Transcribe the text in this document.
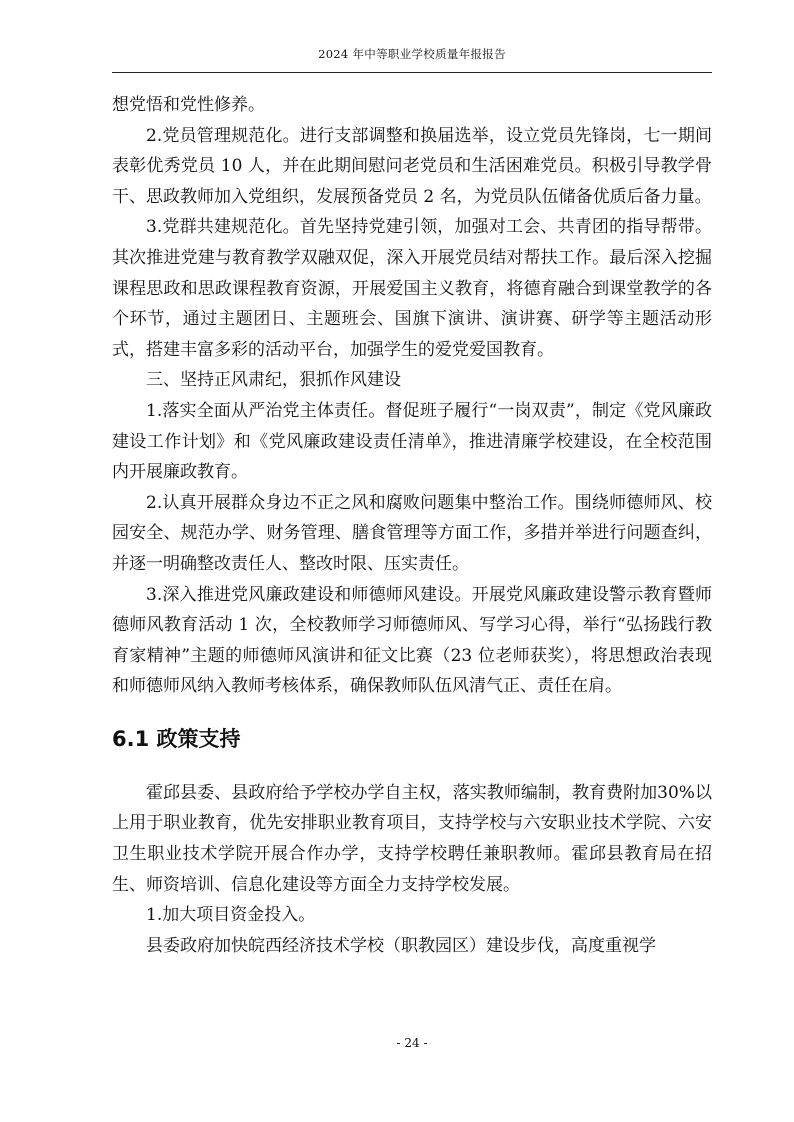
2024 年中等职业学校质量年报报告

想党悟和党性修养。

2.党员管理规范化。进行支部调整和换届选举，设立党员先锋岗，七一期间表彰优秀党员 10 人，并在此期间慰问老党员和生活困难党员。积极引导教学骨干、思政教师加入党组织，发展预备党员 2 名，为党员队伍储备优质后备力量。

3.党群共建规范化。首先坚持党建引领，加强对工会、共青团的指导帮带。其次推进党建与教育教学双融双促，深入开展党员结对帮扶工作。最后深入挖掘课程思政和思政课程教育资源，开展爱国主义教育，将德育融合到课堂教学的各个环节，通过主题团日、主题班会、国旗下演讲、演讲赛、研学等主题活动形式，搭建丰富多彩的活动平台，加强学生的爱党爱国教育。

三、坚持正风肃纪，狠抓作风建设

1.落实全面从严治党主体责任。督促班子履行“一岗双责”，制定《党风廉政建设工作计划》和《党风廉政建设责任清单》，推进清廉学校建设，在全校范围内开展廉政教育。

2.认真开展群众身边不正之风和腐败问题集中整治工作。围绕师德师风、校园安全、规范办学、财务管理、膳食管理等方面工作，多措并举进行问题查纠，并逐一明确整改责任人、整改时限、压实责任。

3.深入推进党风廉政建设和师德师风建设。开展党风廉政建设警示教育暨师德师风教育活动 1 次，全校教师学习师德师风、写学习心得，举行“弘扬践行教育家精神”主题的师德师风演讲和征文比赛（23 位老师获奖），将思想政治表现和师德师风纳入教师考核体系，确保教师队伍风清气正、责任在肩。

6.1 政策支持

霍邱县委、县政府给予学校办学自主权，落实教师编制，教育费附加30%以上用于职业教育，优先安排职业教育项目，支持学校与六安职业技术学院、六安卫生职业技术学院开展合作办学，支持学校聘任兼职教师。霍邱县教育局在招生、师资培训、信息化建设等方面全力支持学校发展。

1.加大项目资金投入。

县委政府加快皖西经济技术学校（职教园区）建设步伐，高度重视学

- 24 -
